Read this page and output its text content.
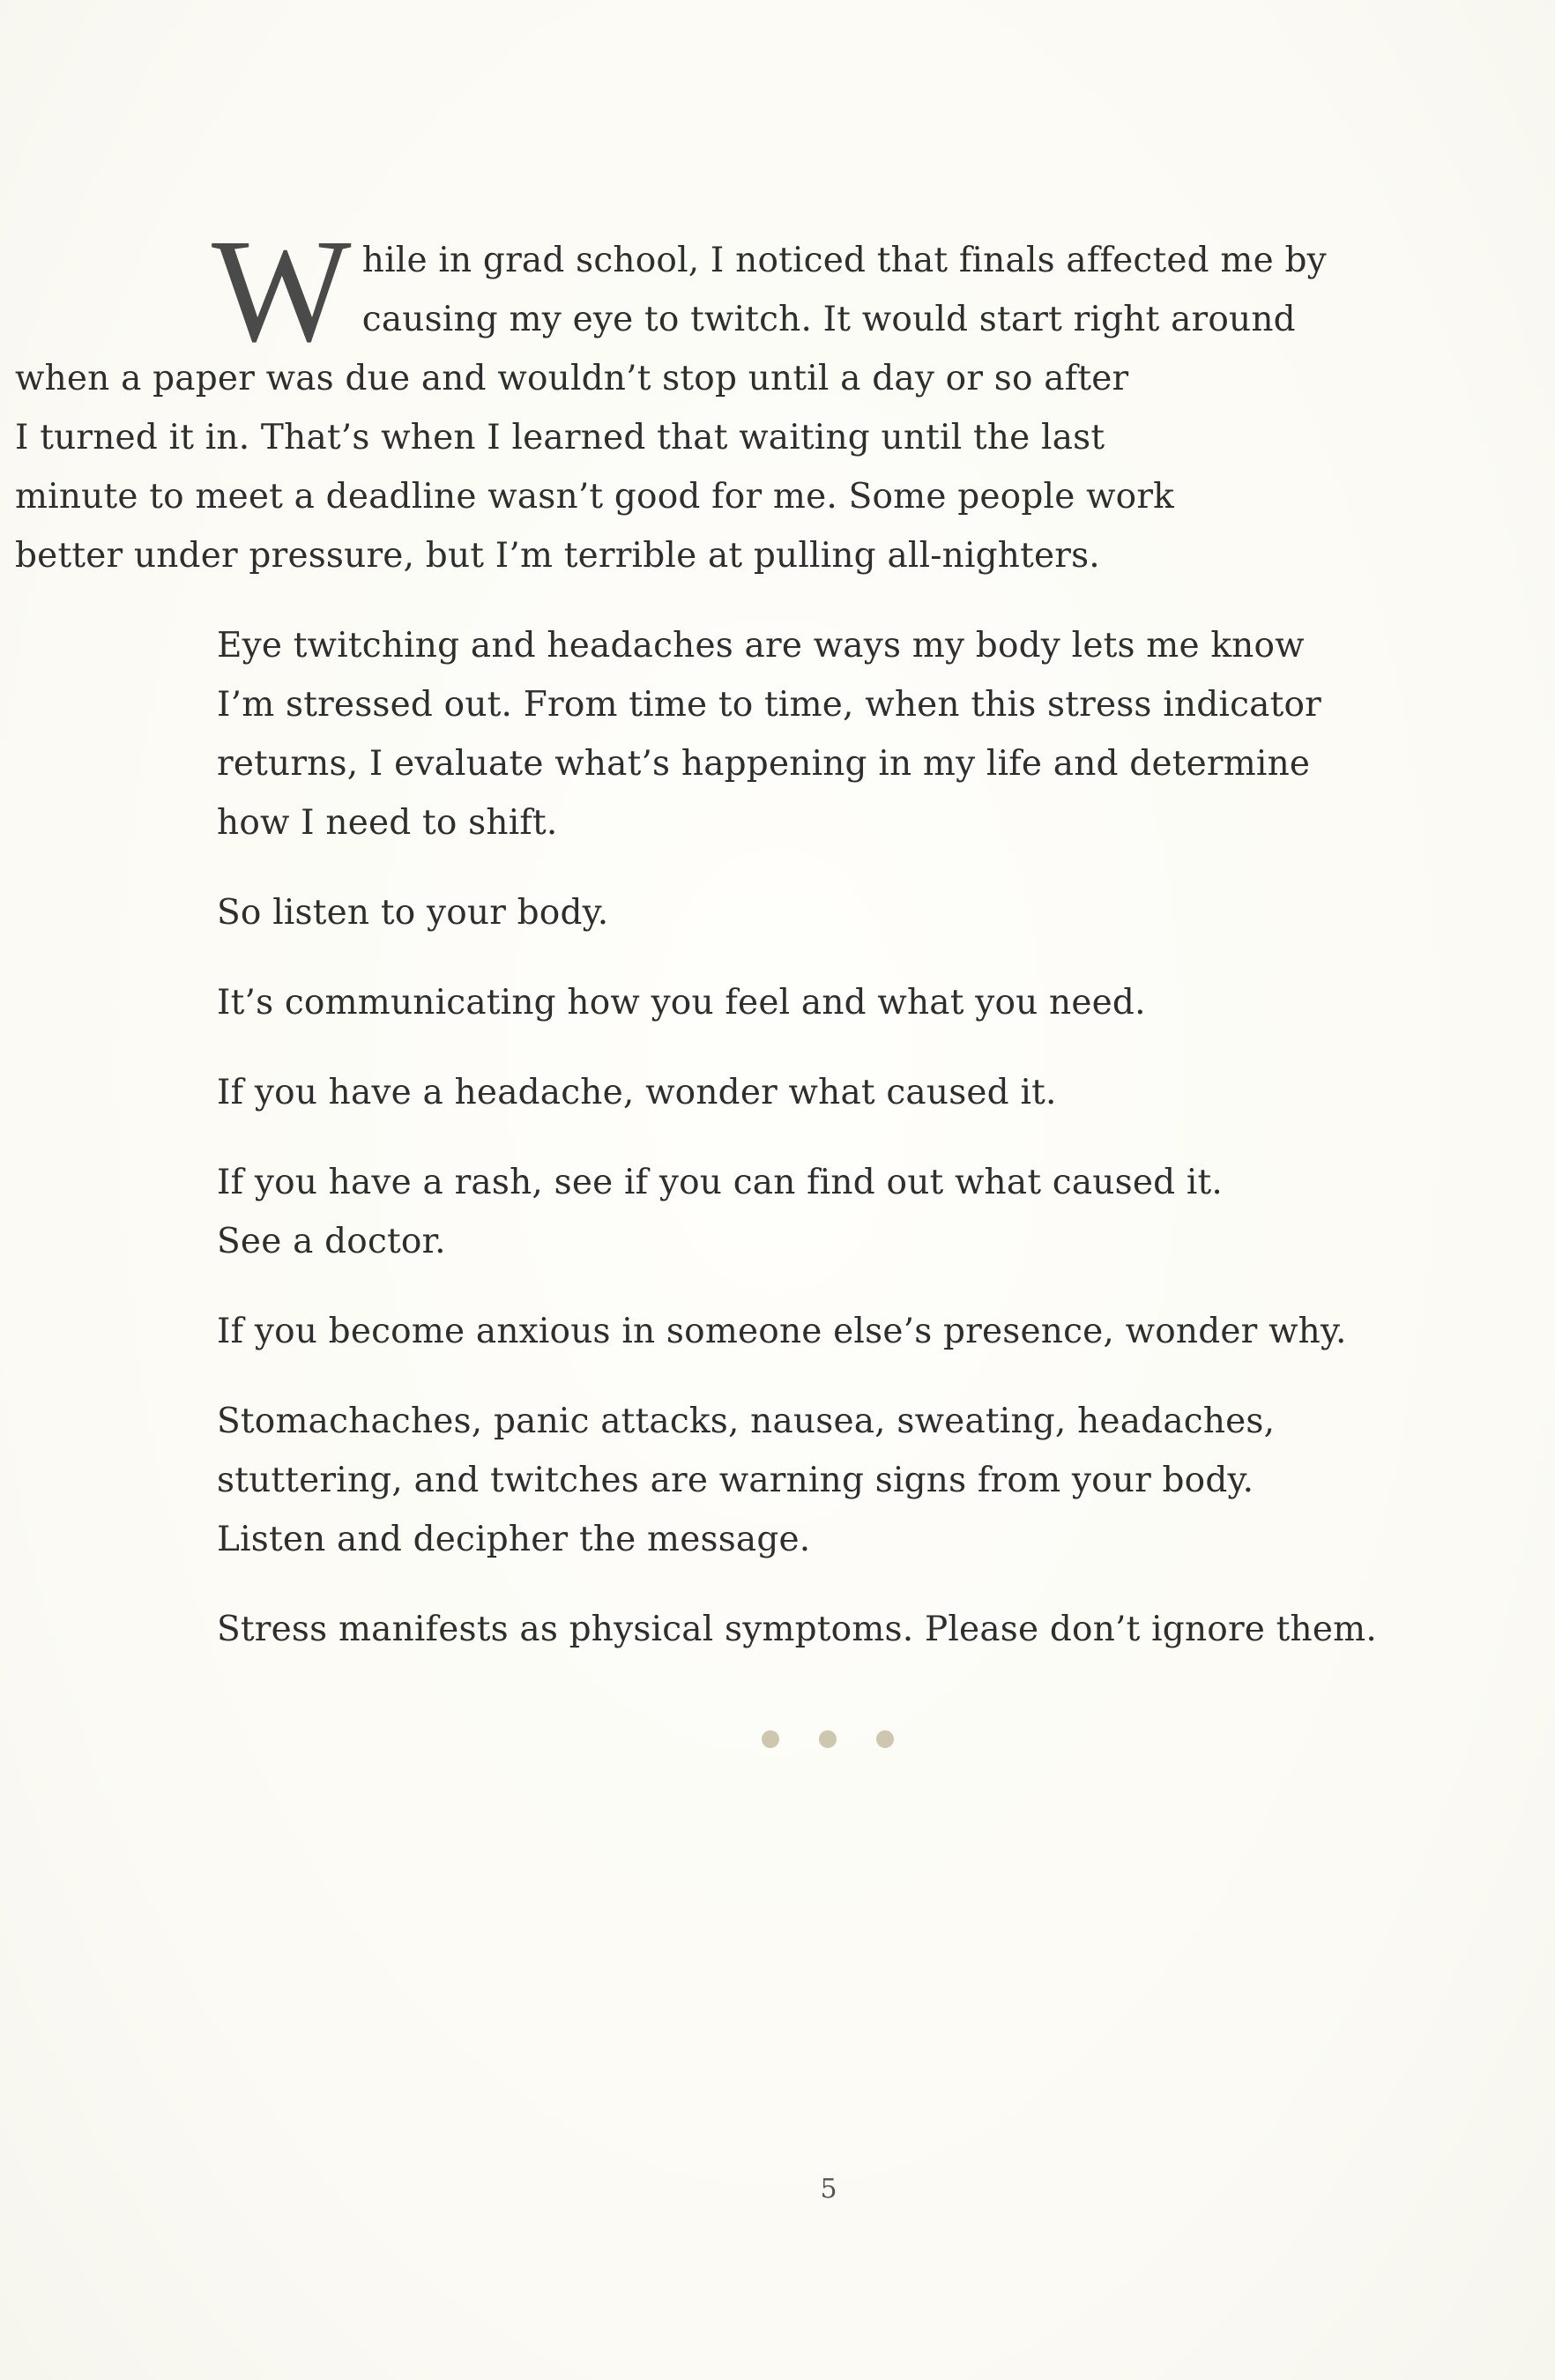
W hile in grad school, I noticed that finals affected me by
causing my eye to twitch. It would start right around
when a paper was due and wouldn’t stop until a day or so after
I turned it in. That’s when I learned that waiting until the last
minute to meet a deadline wasn’t good for me. Some people work
better under pressure, but I’m terrible at pulling all-nighters.

Eye twitching and headaches are ways my body lets me know
I’m stressed out. From time to time, when this stress indicator
returns, I evaluate what’s happening in my life and determine
how I need to shift.

So listen to your body.

It’s communicating how you feel and what you need.

If you have a headache, wonder what caused it.

If you have a rash, see if you can find out what caused it.
See a doctor.

If you become anxious in someone else’s presence, wonder why.

Stomachaches, panic attacks, nausea, sweating, headaches,
stuttering, and twitches are warning signs from your body.
Listen and decipher the message.

Stress manifests as physical symptoms. Please don’t ignore them.

5
